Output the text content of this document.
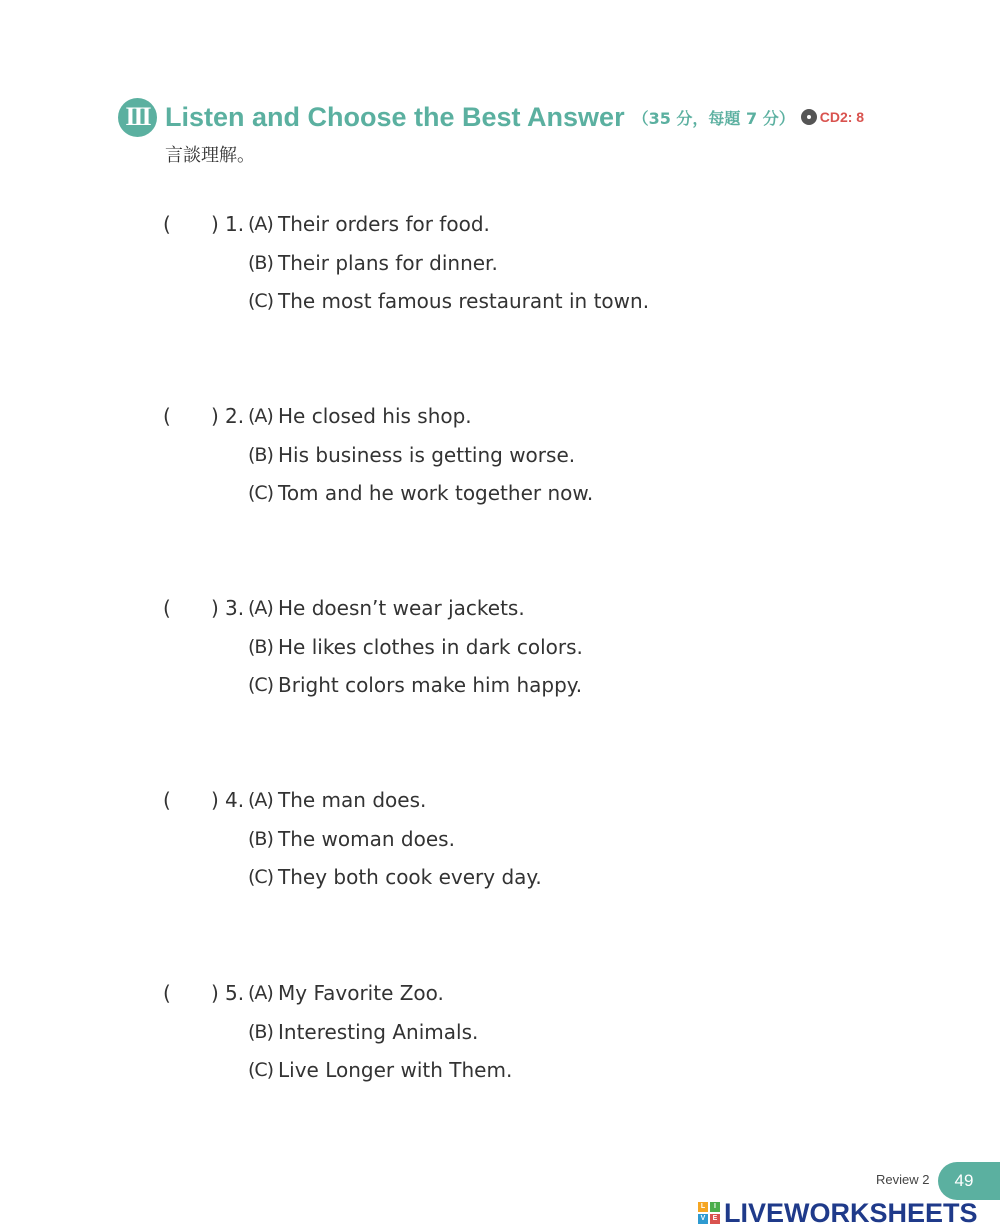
III Listen and Choose the Best Answer （35 分，每題 7 分） CD2: 8
言談理解。
( ) 1. (A) Their orders for food.
(B) Their plans for dinner.
(C) The most famous restaurant in town.
( ) 2. (A) He closed his shop.
(B) His business is getting worse.
(C) Tom and he work together now.
( ) 3. (A) He doesn’t wear jackets.
(B) He likes clothes in dark colors.
(C) Bright colors make him happy.
( ) 4. (A) The man does.
(B) The woman does.
(C) They both cook every day.
( ) 5. (A) My Favorite Zoo.
(B) Interesting Animals.
(C) Live Longer with Them.
Review 2 49
L	I
V	E LIVEWORKSHEETS
